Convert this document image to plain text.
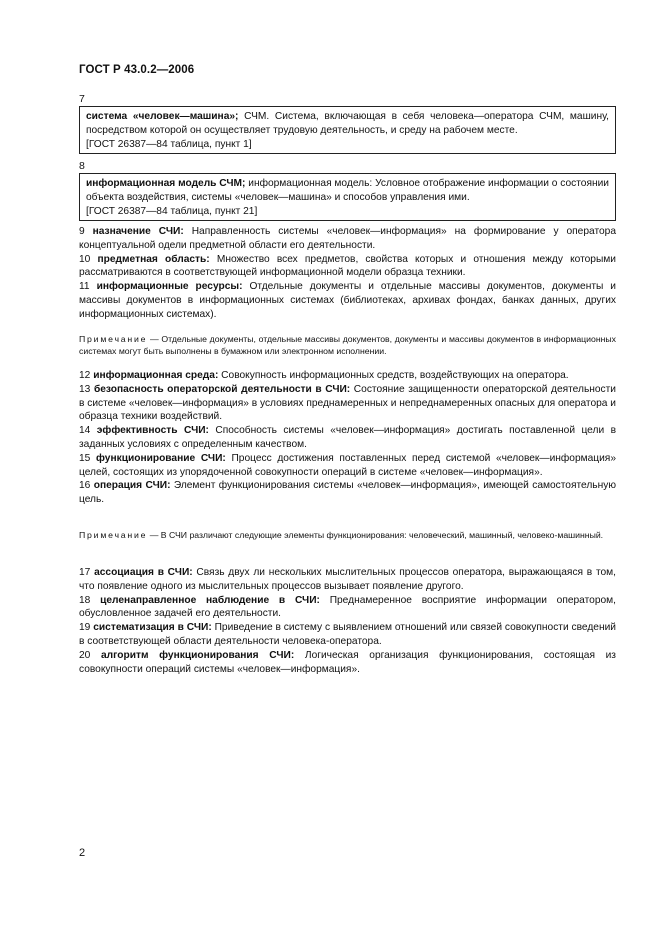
ГОСТ Р 43.0.2—2006
7
система «человек—машина»; СЧМ. Система, включающая в себя человека—оператора СЧМ, машину, посредством которой он осуществляет трудовую деятельность, и среду на рабочем месте.
[ГОСТ 26387—84 таблица, пункт 1]
8
информационная модель СЧМ; информационная модель: Условное отображение информации о состоянии объекта воздействия, системы «человек—машина» и способов управления ими.
[ГОСТ 26387—84 таблица, пункт 21]

9 назначение СЧИ: Направленность системы «человек—информация» на формирование у оператора концептуальной одели предметной области его деятельности.

10 предметная область: Множество всех предметов, свойства которых и отношения между которыми рассматриваются в соответствующей информационной модели образца техники.

11 информационные ресурсы: Отдельные документы и отдельные массивы документов, документы и массивы документов в информационных системах (библиотеках, архивах фондах, банках данных, других информационных системах).

Примечание — Отдельные документы, отдельные массивы документов, документы и массивы документов в информационных системах могут быть выполнены в бумажном или электронном исполнении.

12 информационная среда: Совокупность информационных средств, воздействующих на оператора.

13 безопасность операторской деятельности в СЧИ: Состояние защищенности операторской деятельности в системе «человек—информация» в условиях преднамеренных и непреднамеренных опасных для оператора и образца техники воздействий.

14 эффективность СЧИ: Способность системы «человек—информация» достигать поставленной цели в заданных условиях с определенным качеством.

15 функционирование СЧИ: Процесс достижения поставленных перед системой «человек—информация» целей, состоящих из упорядоченной совокупности операций в системе «человек—информация».

16 операция СЧИ: Элемент функционирования системы «человек—информация», имеющей самостоятельную цель.

Примечание — В СЧИ различают следующие элементы функционирования: человеческий, машинный, человеко-машинный.

17 ассоциация в СЧИ: Связь двух ли нескольких мыслительных процессов оператора, выражающаяся в том, что появление одного из мыслительных процессов вызывает появление другого.

18 целенаправленное наблюдение в СЧИ: Преднамеренное восприятие информации оператором, обусловленное задачей его деятельности.

19 систематизация в СЧИ: Приведение в систему с выявлением отношений или связей совокупности сведений в соответствующей области деятельности человека-оператора.

20 алгоритм функционирования СЧИ: Логическая организация функционирования, состоящая из совокупности операций системы «человек—информация».

2
